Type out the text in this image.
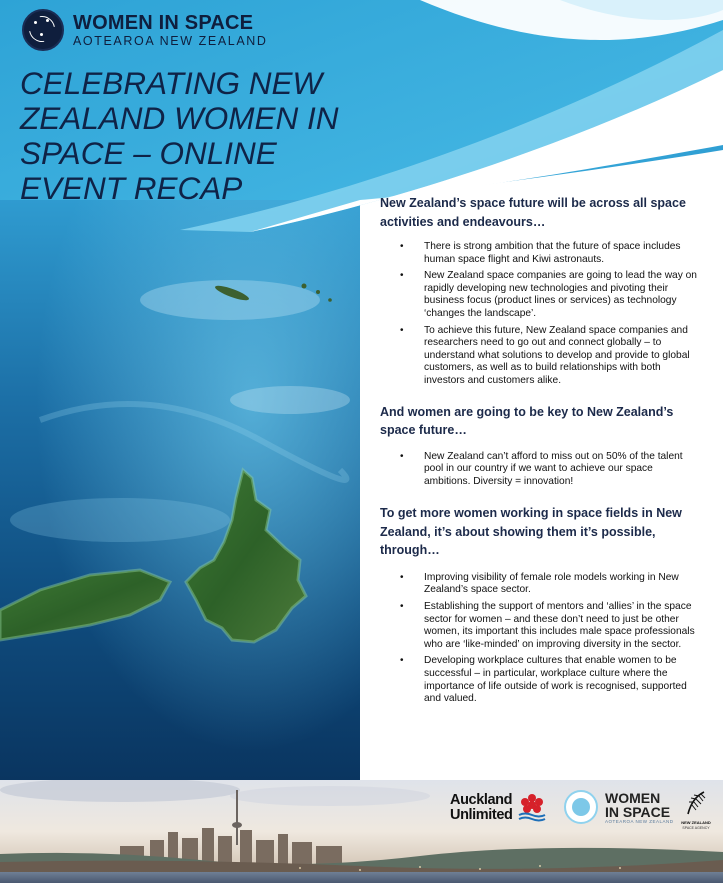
WOMEN IN SPACE
AOTEAROA NEW ZEALAND
CELEBRATING NEW ZEALAND WOMEN IN SPACE – ONLINE EVENT RECAP	New Zealand’s space future will be across all space activities and endeavours…

• There is strong ambition that the future of space includes human space flight and Kiwi astronauts.
• New Zealand space companies are going to lead the way on rapidly developing new technologies and pivoting their business focus (product lines or services) as technology ‘changes the landscape’.
• To achieve this future, New Zealand space companies and researchers need to go out and connect globally – to understand what solutions to develop and provide to global customers, as well as to build relationships with both investors and customers alike.

And women are going to be key to New Zealand’s space future…

• New Zealand can’t afford to miss out on 50% of the talent pool in our country if we want to achieve our space ambitions. Diversity = innovation!

To get more women working in space fields in New Zealand, it’s about showing them it’s possible, through…

• Improving visibility of female role models working in New Zealand’s space sector.
• Establishing the support of mentors and ‘allies’ in the space sector for women – and these don’t need to just be other women, its important this includes male space professionals who are ‘like-minded’ on improving diversity in the sector.
• Developing workplace cultures that enable women to be successful – in particular, workplace culture where the importance of life outside of work is recognised, supported and valued.
Auckland
Unlimited
WOMEN
IN SPACE
AOTEAROA NEW ZEALAND	NEW ZEALAND
SPACE AGENCY
